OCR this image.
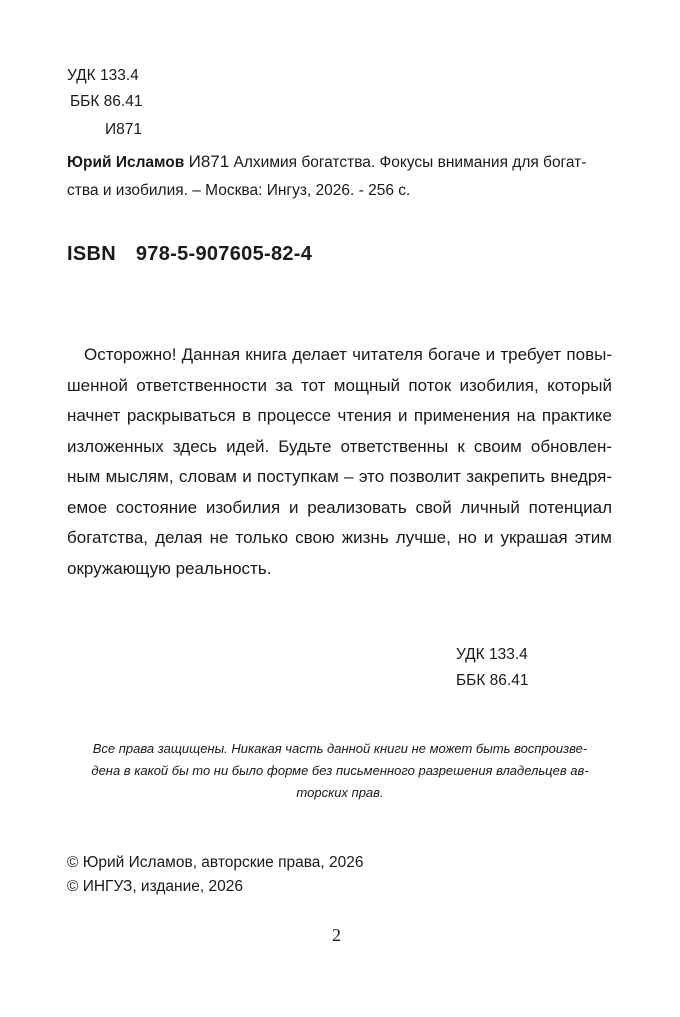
УДК 133.4
ББК 86.41
И871
Юрий Исламов И871 Алхимия богатства. Фокусы внимания для богат-
ства и изобилия. – Москва: Ингуз, 2026. - 256 с.
ISBN 978-5-907605-82-4
Осторожно! Данная книга делает читателя богаче и требует повы-
шенной ответственности за тот мощный поток изобилия, который
начнет раскрываться в процессе чтения и применения на практике
изложенных здесь идей. Будьте ответственны к своим обновлен-
ным мыслям, словам и поступкам – это позволит закрепить внедря-
емое состояние изобилия и реализовать свой личный потенциал
богатства, делая не только свою жизнь лучше, но и украшая этим
окружающую реальность.
УДК 133.4
ББК 86.41
Все права защищены. Никакая часть данной книги не может быть воспроизве-
дена в какой бы то ни было форме без письменного разрешения владельцев ав-
торских прав.
© Юрий Исламов, авторские права, 2026
© ИНГУЗ, издание, 2026
2
